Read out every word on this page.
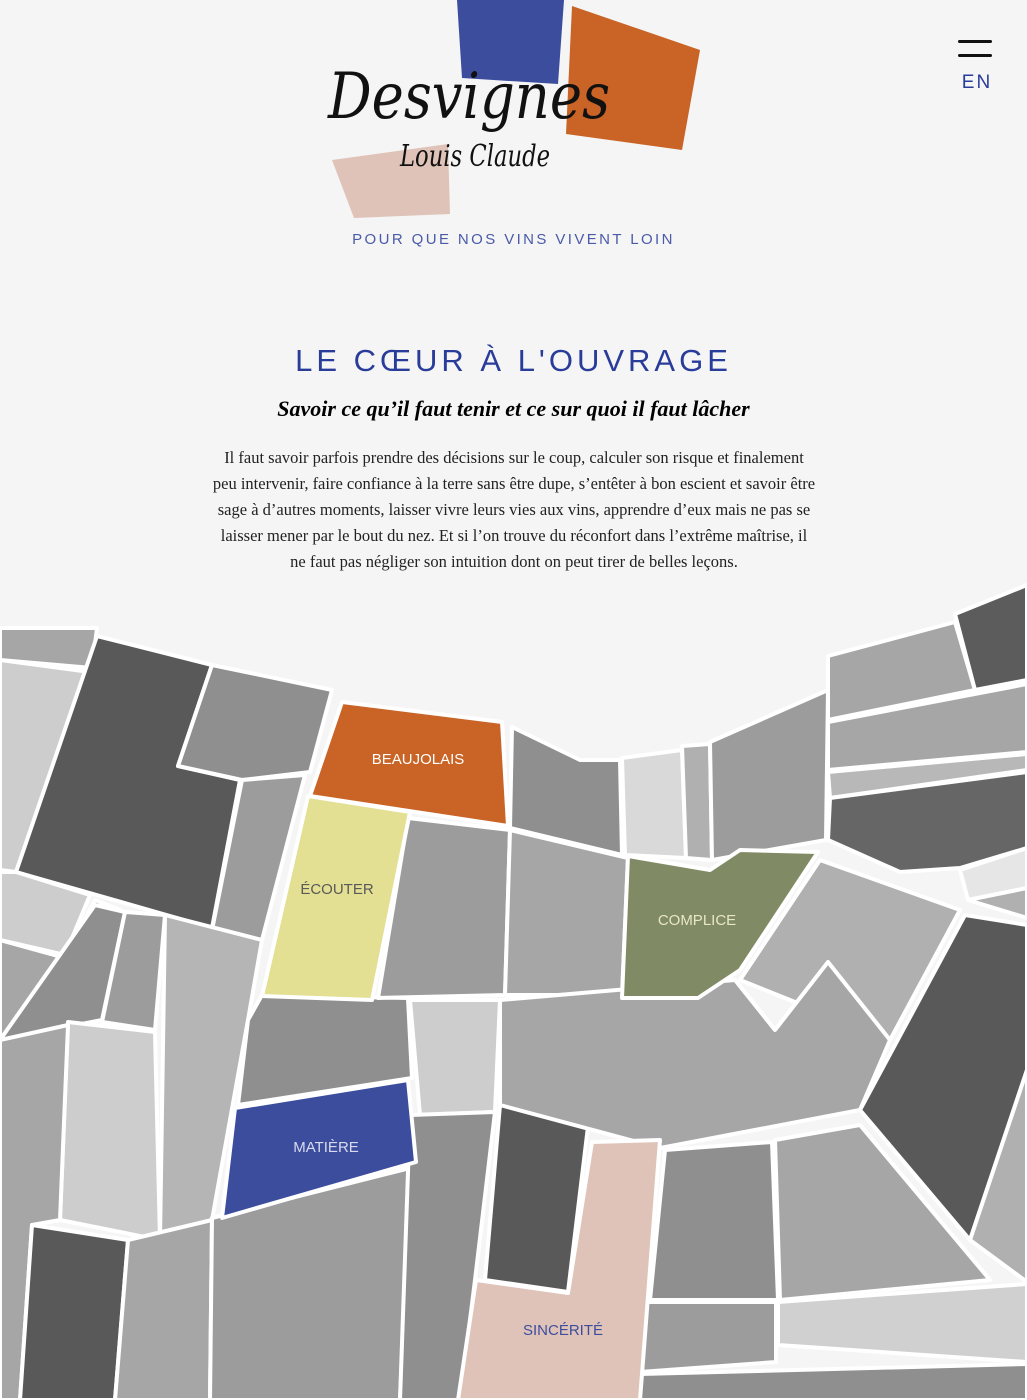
Desvignes
Louis Claude
POUR QUE NOS VINS VIVENT LOIN
EN
LE CŒUR À L'OUVRAGE
Savoir ce qu’il faut tenir et ce sur quoi il faut lâcher

Il faut savoir parfois prendre des décisions sur le coup, calculer son risque et finalement peu intervenir, faire confiance à la terre sans être dupe, s’entêter à bon escient et savoir être sage à d’autres moments, laisser vivre leurs vies aux vins, apprendre d’eux mais ne pas se laisser mener par le bout du nez. Et si l’on trouve du réconfort dans l’extrême maîtrise, il ne faut pas négliger son intuition dont on peut tirer de belles leçons.

BEAUJOLAIS
ÉCOUTER
COMPLICE
MATIÈRE
SINCÉRITÉ
